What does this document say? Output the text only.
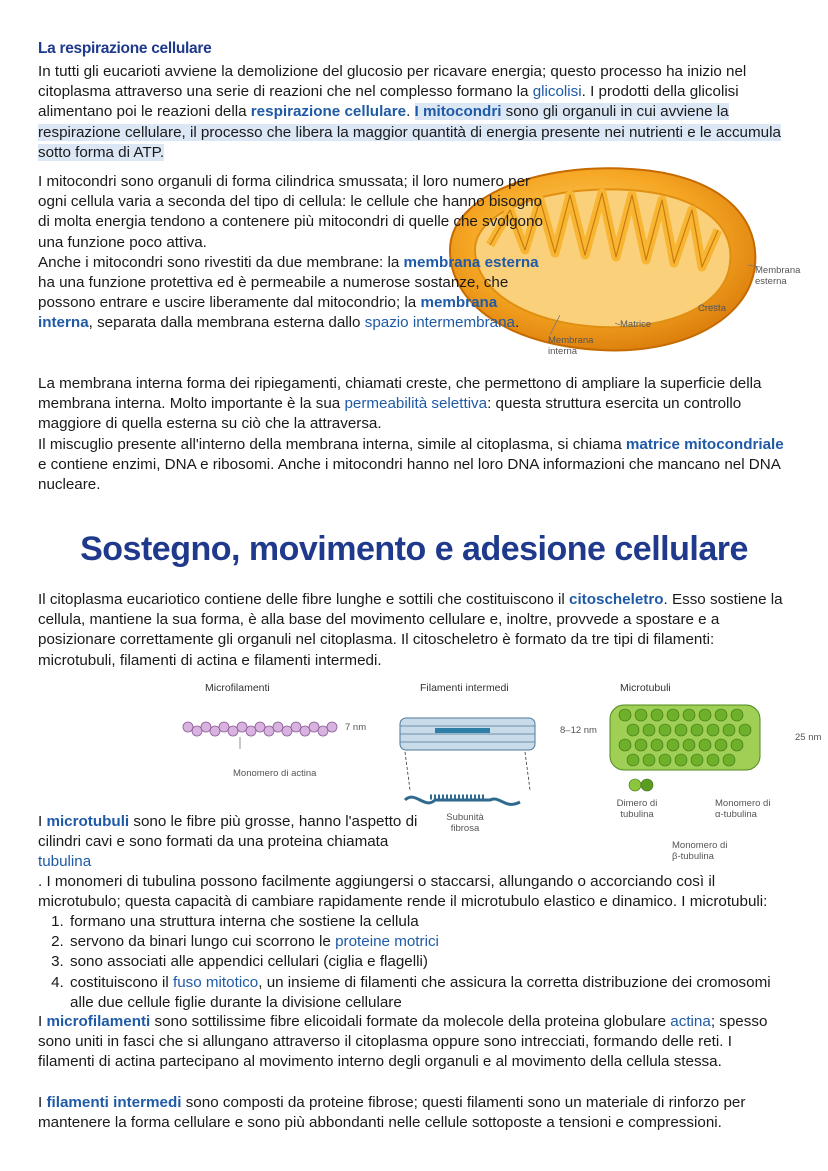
La respirazione cellulare
In tutti gli eucarioti avviene la demolizione del glucosio per ricavare energia; questo processo ha inizio nel citoplasma attraverso una serie di reazioni che nel complesso formano la glicolisi. I prodotti della glicolisi alimentano poi le reazioni della respirazione cellulare. I mitocondri sono gli organuli in cui avviene la respirazione cellulare, il processo che libera la maggior quantità di energia presente nei nutrienti e le accumula sotto forma di ATP.
Membrana esterna
Cresta
Matrice
Membrana interna
I mitocondri sono organuli di forma cilindrica smussata; il loro numero per ogni cellula varia a seconda del tipo di cellula: le cellule che hanno bisogno di molta energia tendono a contenere più mitocondri di quelle che svolgono una funzione poco attiva.
Anche i mitocondri sono rivestiti da due membrane: la membrana esterna ha una funzione protettiva ed è permeabile a numerose sostanze, che possono entrare e uscire liberamente dal mitocondrio; la membrana interna, separata dalla membrana esterna dallo spazio intermembrana.
La membrana interna forma dei ripiegamenti, chiamati creste, che permettono di ampliare la superficie della membrana interna. Molto importante è la sua permeabilità selettiva: questa struttura esercita un controllo maggiore di quella esterna su ciò che la attraversa.
Il miscuglio presente all'interno della membrana interna, simile al citoplasma, si chiama matrice mitocondriale e contiene enzimi, DNA e ribosomi. Anche i mitocondri hanno nel loro DNA informazioni che mancano nel DNA nucleare.
Sostegno, movimento e adesione cellulare
Il citoplasma eucariotico contiene delle fibre lunghe e sottili che costituiscono il citoscheletro. Esso sostiene la cellula, mantiene la sua forma, è alla base del movimento cellulare e, inoltre, provvede a spostare e a posizionare correttamente gli organuli nel citoplasma. Il citoscheletro è formato da tre tipi di filamenti: microtubuli, filamenti di actina e filamenti intermedi.
Microfilamenti	Filamenti intermedi	Microtubuli
7 nm
Monomero di actina
8–12 nm
Subunità fibrosa
25 nm
Dimero di tubulina
Monomero di α-tubulina
Monomero di β-tubulina
I microtubuli sono le fibre più grosse, hanno l'aspetto di cilindri cavi e sono formati da una proteina chiamata tubulina
. I monomeri di tubulina possono facilmente aggiungersi o staccarsi, allungando o accorciando così il microtubulo; questa capacità di cambiare rapidamente rende il microtubulo elastico e dinamico. I microtubuli:
1. formano una struttura interna che sostiene la cellula
2. servono da binari lungo cui scorrono le proteine motrici
3. sono associati alle appendici cellulari (ciglia e flagelli)
4. costituiscono il fuso mitotico, un insieme di filamenti che assicura la corretta distribuzione dei cromosomi alle due cellule figlie durante la divisione cellulare
I microfilamenti sono sottilissime fibre elicoidali formate da molecole della proteina globulare actina; spesso sono uniti in fasci che si allungano attraverso il citoplasma oppure sono intrecciati, formando delle reti. I filamenti di actina partecipano al movimento interno degli organuli e al movimento della cellula stessa.
I filamenti intermedi sono composti da proteine fibrose; questi filamenti sono un materiale di rinforzo per mantenere la forma cellulare e sono più abbondanti nelle cellule sottoposte a tensioni e compressioni.
